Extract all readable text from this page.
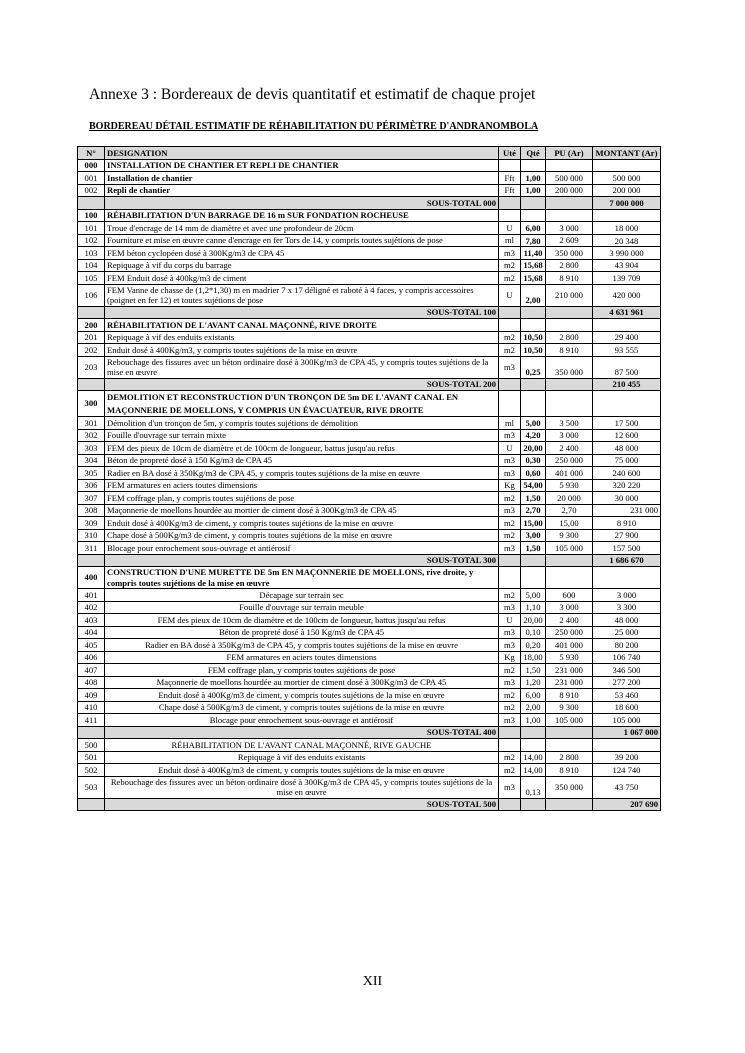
Annexe 3 : Bordereaux de devis quantitatif et estimatif de chaque projet
BORDEREAU DÉTAIL ESTIMATIF DE RÉHABILITATION DU PÉRIMÈTRE D'ANDRANOMBOLA
N°	DESIGNATION	Uté	Qté	PU (Ar)	MONTANT (Ar)
000	INSTALLATION DE CHANTIER ET REPLI DE CHANTIER				
001	Installation de chantier	Fft	1,00	500 000	500 000
002	Repli de chantier	Fft	1,00	200 000	200 000
	SOUS-TOTAL 000				7 000 000
100	RÉHABILITATION D'UN BARRAGE DE 16 m SUR FONDATION ROCHEUSE				
101	Troue d'encrage de 14 mm de diamètre et avec une profondeur de 20cm	U	6,00	3 000	18 000
102	Fourniture et mise en œuvre canne d'encrage en fer Tors de 14, y compris toutes sujétions de pose	ml	7,80	2 609	20 348
103	FEM béton cyclopéen dosé à 300Kg/m3 de CPA 45	m3	11,40	350 000	3 990 000
104	Repiquage à vif du corps du barrage	m2	15,68	2 800	43 904
105	FEM Enduit dosé à 400kg/m3 de ciment	m2	15,68	8 910	139 709
106	FEM Vanne de chasse de (1,2*1,30) m en madrier 7 x 17 déligné et raboté à 4 faces, y compris accessoires (poignet en fer 12) et toutes sujétions de pose	U	2,00	210 000	420 000
	SOUS-TOTAL 100				4 631 961
200	RÉHABILITATION DE L'AVANT CANAL MAÇONNÉ, RIVE DROITE				
201	Repiquage à vif des enduits existants	m2	10,50	2 800	29 400
202	Enduit dosé à 400Kg/m3, y compris toutes sujétions de la mise en œuvre	m2	10,50	8 910	93 555
203	Rebouchage des fissures avec un béton ordinaire dosé à 300Kg/m3 de CPA 45, y compris toutes sujétions de la mise en œuvre	m3	0,25	350 000	87 500
	SOUS-TOTAL 200				210 455
300	DEMOLITION ET RECONSTRUCTION D'UN TRONÇON DE 5m DE L'AVANT CANAL EN MAÇONNERIE DE MOELLONS, Y COMPRIS UN ÉVACUATEUR, RIVE DROITE				
301	Démolition d'un tronçon de 5m, y compris toutes sujétions de démolition	ml	5,00	3 500	17 500
302	Fouille d'ouvrage sur terrain mixte	m3	4,20	3 000	12 600
303	FEM des pieux de 10cm de diamètre et de 100cm de longueur, battus jusqu'au refus	U	20,00	2 400	48 000
304	Béton de propreté dosé à 150 Kg/m3 de CPA 45	m3	0,30	250 000	75 000
305	Radier en BA dosé à 350Kg/m3 de CPA 45, y compris toutes sujétions de la mise en œuvre	m3	0,60	401 000	240 600
306	FEM armatures en aciers toutes dimensions	Kg	54,00	5 930	320 220
307	FEM coffrage plan, y compris toutes sujétions de pose	m2	1,50	20 000	30 000
308	Maçonnerie de moellons hourdée au mortier de ciment dosé à 300Kg/m3 de CPA 45	m3	2,70	2,70	231 000
309	Enduit dosé à 400Kg/m3 de ciment, y compris toutes sujétions de la mise en œuvre	m2	15,00	15,00	8 910
310	Chape dosé à 500Kg/m3 de ciment, y compris toutes sujétions de la mise en œuvre	m2	3,00	9 300	27 900
311	Blocage pour enrochement sous-ouvrage et antiérosif	m3	1,50	105 000	157 500
	SOUS-TOTAL 300				1 686 670
400	CONSTRUCTION D'UNE MURETTE DE 5m EN MAÇONNERIE DE MOELLONS, rive droite, y compris toutes sujétions de la mise en œuvre				
401	Décapage sur terrain sec	m2	5,00	600	3 000
402	Fouille d'ouvrage sur terrain meuble	m3	1,10	3 000	3 300
403	FEM des pieux de 10cm de diamètre et de 100cm de longueur, battus jusqu'au refus	U	20,00	2 400	48 000
404	Béton de propreté dosé à 150 Kg/m3 de CPA 45	m3	0,10	250 000	25 000
405	Radier en BA dosé à 350Kg/m3 de CPA 45, y compris toutes sujétions de la mise en œuvre	m3	0,20	401 000	80 200
406	FEM armatures en aciers toutes dimensions	Kg	18,00	5 930	106 740
407	FEM coffrage plan, y compris toutes sujétions de pose	m2	1,50	231 000	346 500
408	Maçonnerie de moellons hourdée au mortier de ciment dosé à 300Kg/m3 de CPA 45	m3	1,20	231 000	277 200
409	Enduit dosé à 400Kg/m3 de ciment, y compris toutes sujétions de la mise en œuvre	m2	6,00	8 910	53 460
410	Chape dosé à 500Kg/m3 de ciment, y compris toutes sujétions de la mise en œuvre	m2	2,00	9 300	18 600
411	Blocage pour enrochement sous-ouvrage et antiérosif	m3	1,00	105 000	105 000
	SOUS-TOTAL 400				1 067 000
500	RÉHABILITATION DE L'AVANT CANAL MAÇONNÉ, RIVE GAUCHE				
501	Repiquage à vif des enduits existants	m2	14,00	2 800	39 200
502	Enduit dosé à 400Kg/m3 de ciment, y compris toutes sujétions de la mise en œuvre	m2	14,00	8 910	124 740
503	Rebouchage des fissures avec un béton ordinaire dosé à 300Kg/m3 de CPA 45, y compris toutes sujétions de la mise en œuvre	m3	0,13	350 000	43 750
	SOUS-TOTAL 500				207 690
XII
